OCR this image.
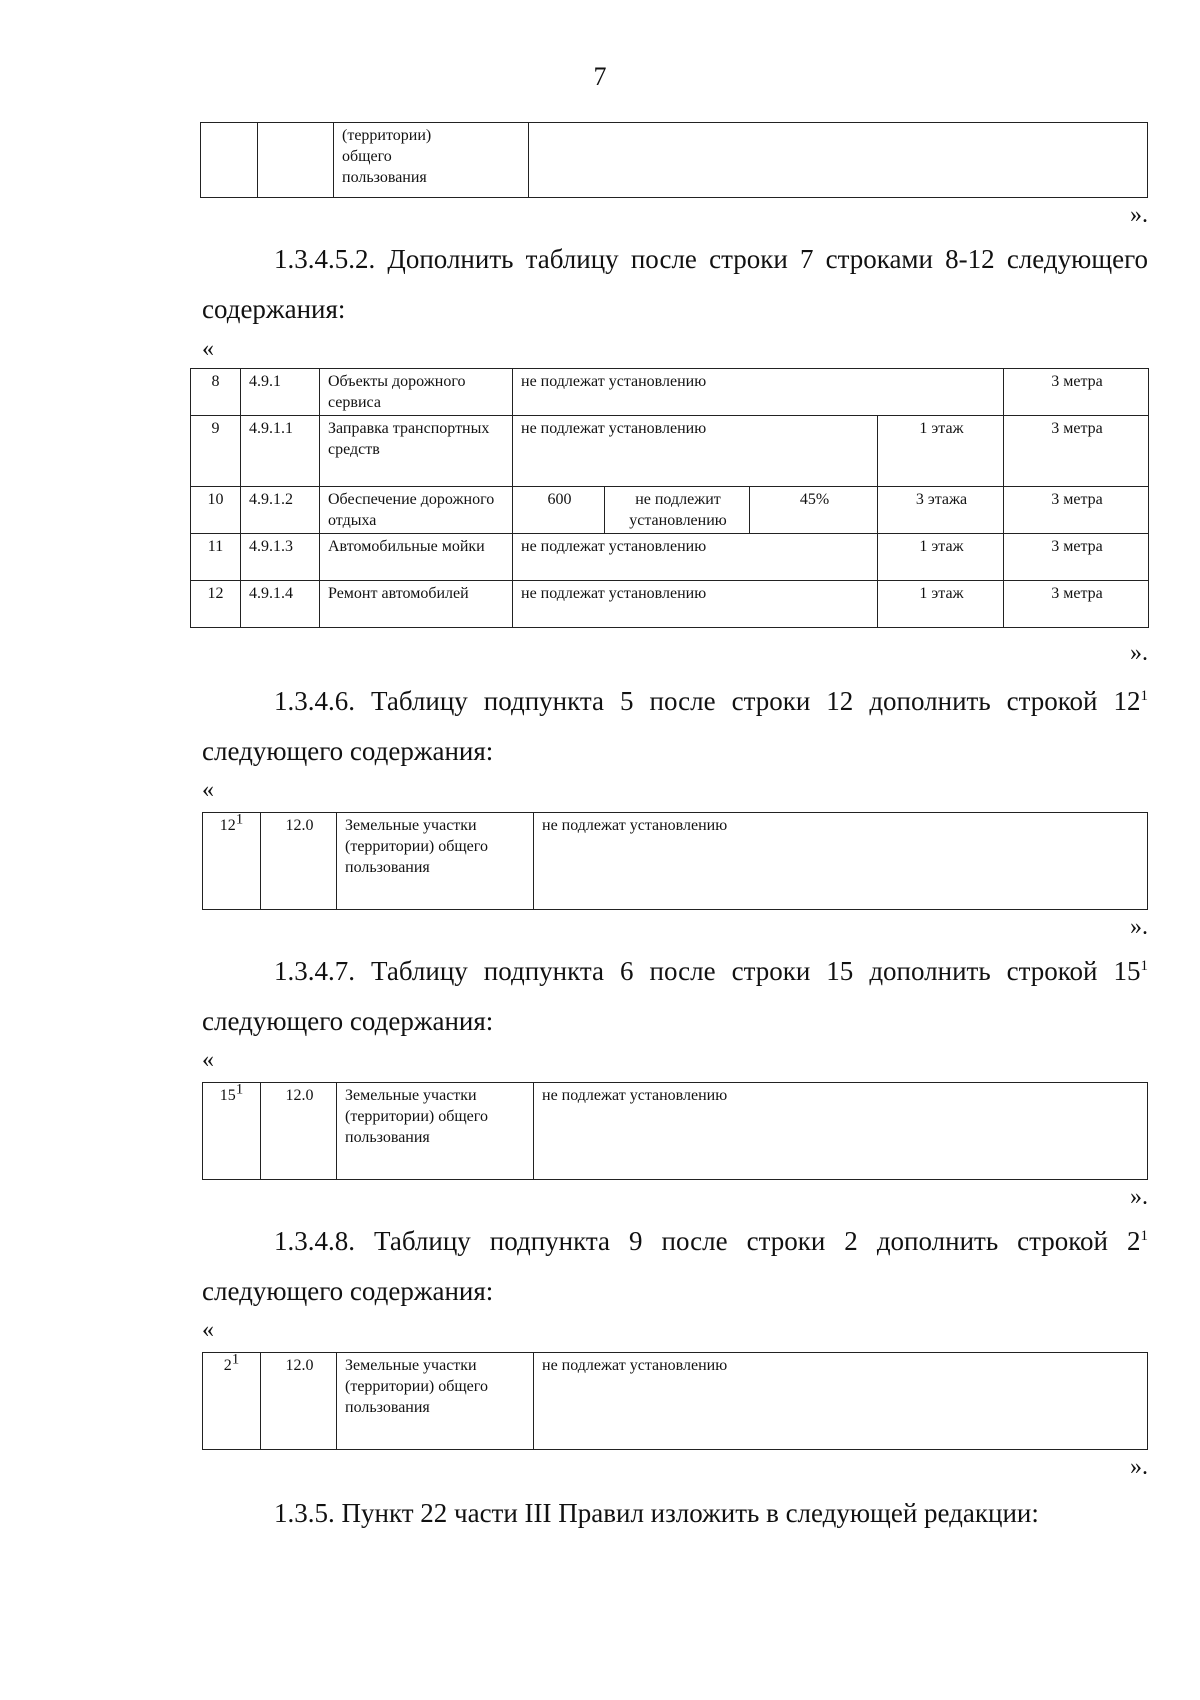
7
		(территории)
общего
пользования	
».
1.3.4.5.2. Дополнить таблицу после строки 7 строками 8-12 следующего
содержания:
«
8	4.9.1	Объекты дорожного сервиса	не подлежат установлению				3 метра
9	4.9.1.1	Заправка транспортных средств	не подлежат установлению			1 этаж	3 метра
10	4.9.1.2	Обеспечение дорожного отдыха	600	не подлежит установлению	45%	3 этажа	3 метра
11	4.9.1.3	Автомобильные мойки	не подлежат установлению			1 этаж	3 метра
12	4.9.1.4	Ремонт автомобилей	не подлежат установлению			1 этаж	3 метра
».
1.3.4.6. Таблицу подпункта 5 после строки 12 дополнить строкой $12^1$
следующего содержания:
«
$12^1$	12.0	Земельные участки (территории) общего пользования	не подлежат установлению
».
1.3.4.7. Таблицу подпункта 6 после строки 15 дополнить строкой $15^1$
следующего содержания:
«
$15^1$	12.0	Земельные участки (территории) общего пользования	не подлежат установлению
».
1.3.4.8. Таблицу подпункта 9 после строки 2 дополнить строкой $2^1$
следующего содержания:
«
$2^1$	12.0	Земельные участки (территории) общего пользования	не подлежат установлению
».
1.3.5. Пункт 22 части III Правил изложить в следующей редакции:
